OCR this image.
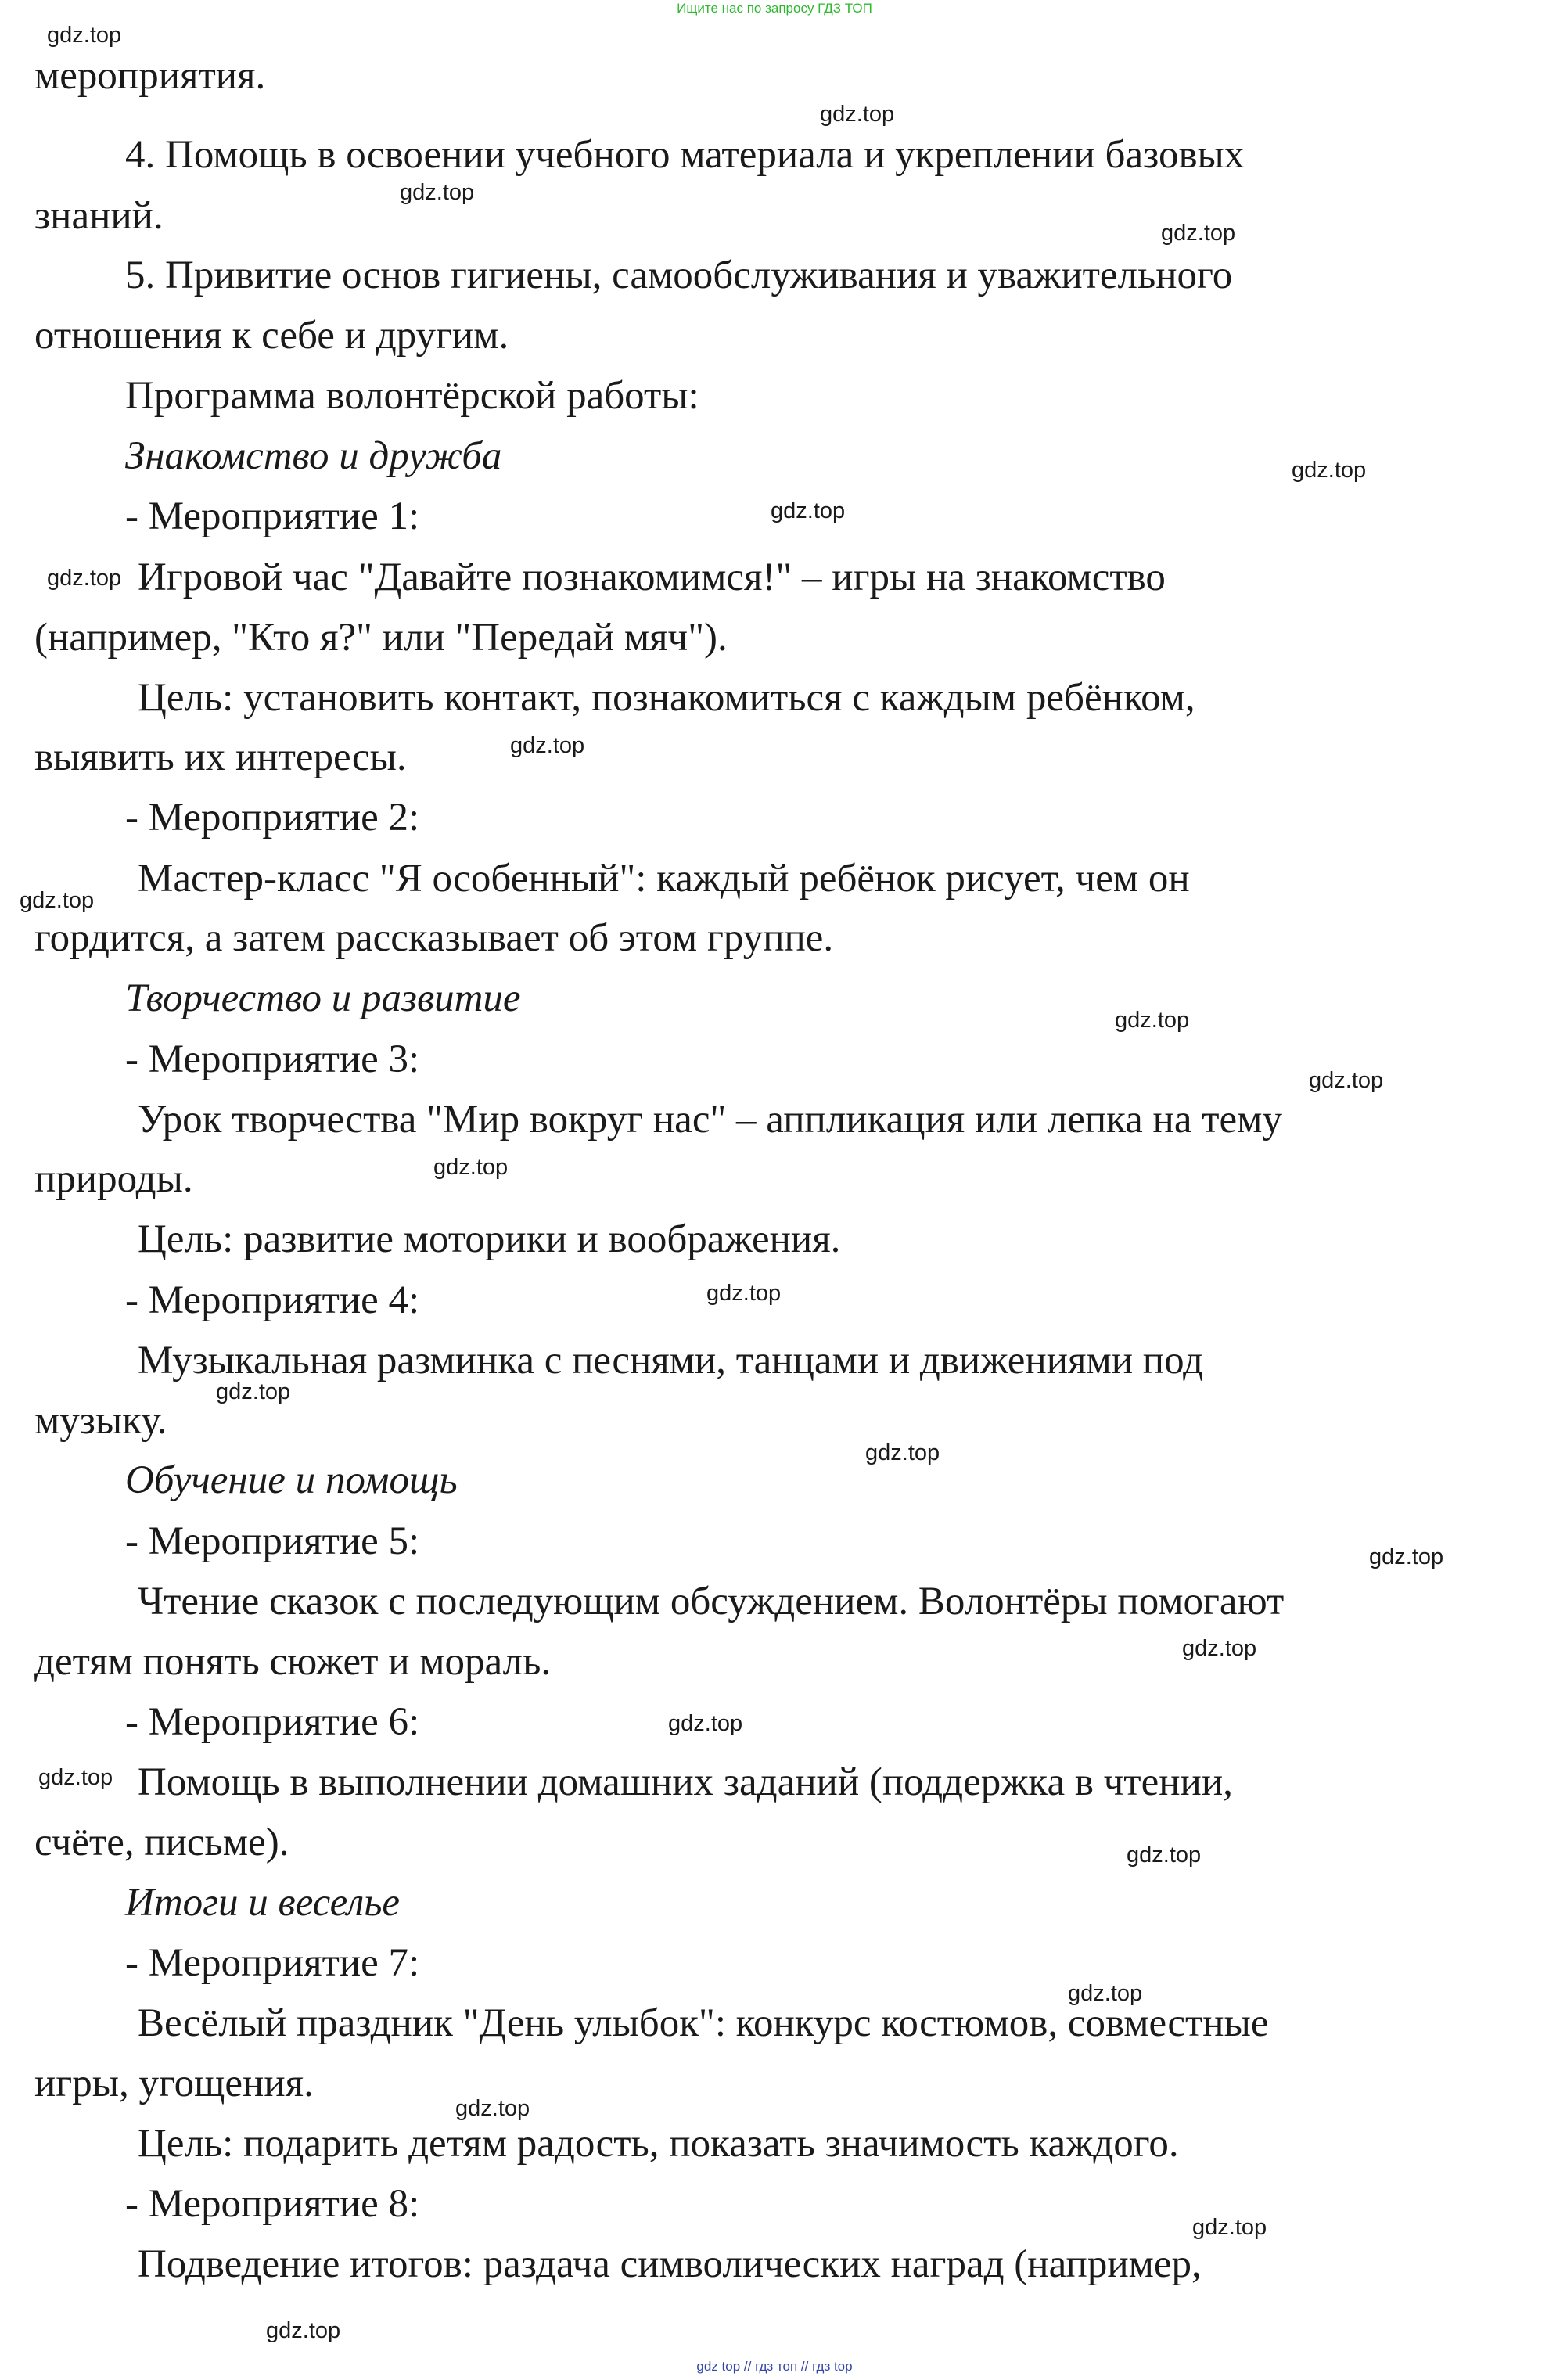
Ищите нас по запросу ГДЗ ТОП
мероприятия.
4. Помощь в освоении учебного материала и укреплении базовых
знаний.
5. Привитие основ гигиены, самообслуживания и уважительного
отношения к себе и другим.
Программа волонтёрской работы:
Знакомство и дружба
- Мероприятие 1:
Игровой час "Давайте познакомимся!" – игры на знакомство
(например, "Кто я?" или "Передай мяч").
Цель: установить контакт, познакомиться с каждым ребёнком,
выявить их интересы.
- Мероприятие 2:
Мастер-класс "Я особенный": каждый ребёнок рисует, чем он
гордится, а затем рассказывает об этом группе.
Творчество и развитие
- Мероприятие 3:
Урок творчества "Мир вокруг нас" – аппликация или лепка на тему
природы.
Цель: развитие моторики и воображения.
- Мероприятие 4:
Музыкальная разминка с песнями, танцами и движениями под
музыку.
Обучение и помощь
- Мероприятие 5:
Чтение сказок с последующим обсуждением. Волонтёры помогают
детям понять сюжет и мораль.
- Мероприятие 6:
Помощь в выполнении домашних заданий (поддержка в чтении,
счёте, письме).
Итоги и веселье
- Мероприятие 7:
Весёлый праздник "День улыбок": конкурс костюмов, совместные
игры, угощения.
Цель: подарить детям радость, показать значимость каждого.
- Мероприятие 8:
Подведение итогов: раздача символических наград (например,
gdz.top
gdz.top
gdz.top
gdz.top
gdz.top
gdz.top
gdz.top
gdz.top
gdz.top
gdz.top
gdz.top
gdz.top
gdz.top
gdz.top
gdz.top
gdz.top
gdz.top
gdz.top
gdz.top
gdz.top
gdz.top
gdz.top
gdz.top
gdz.top
gdz top // гдз топ // гдз top
